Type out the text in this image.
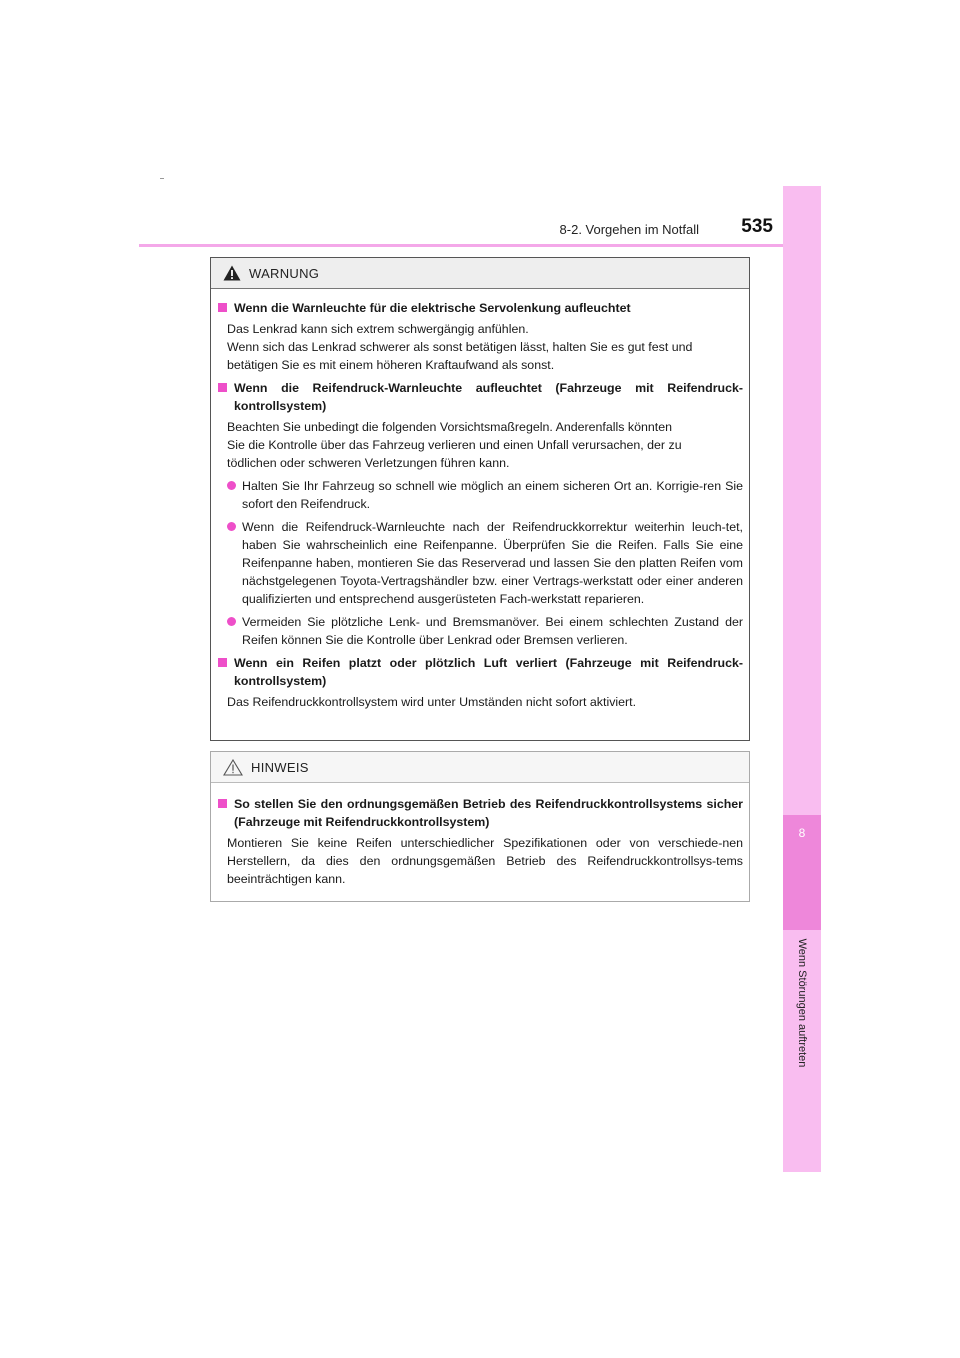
8-2. Vorgehen im Notfall	535
8
Wenn Störungen auftreten
WARNUNG
Wenn die Warnleuchte für die elektrische Servolenkung aufleuchtet
Das Lenkrad kann sich extrem schwergängig anfühlen.
Wenn sich das Lenkrad schwerer als sonst betätigen lässt, halten Sie es gut fest und
betätigen Sie es mit einem höheren Kraftaufwand als sonst.
Wenn die Reifendruck-Warnleuchte aufleuchtet (Fahrzeuge mit Reifendruck-kontrollsystem)
Beachten Sie unbedingt die folgenden Vorsichtsmaßregeln. Anderenfalls könnten
Sie die Kontrolle über das Fahrzeug verlieren und einen Unfall verursachen, der zu
tödlichen oder schweren Verletzungen führen kann.
Halten Sie Ihr Fahrzeug so schnell wie möglich an einem sicheren Ort an. Korrigie-ren Sie sofort den Reifendruck.
Wenn die Reifendruck-Warnleuchte nach der Reifendruckkorrektur weiterhin leuch-tet, haben Sie wahrscheinlich eine Reifenpanne. Überprüfen Sie die Reifen. Falls Sie eine Reifenpanne haben, montieren Sie das Reserverad und lassen Sie den platten Reifen vom nächstgelegenen Toyota-Vertragshändler bzw. einer Vertrags-werkstatt oder einer anderen qualifizierten und entsprechend ausgerüsteten Fach-werkstatt reparieren.
Vermeiden Sie plötzliche Lenk- und Bremsmanöver. Bei einem schlechten Zustand der Reifen können Sie die Kontrolle über Lenkrad oder Bremsen verlieren.
Wenn ein Reifen platzt oder plötzlich Luft verliert (Fahrzeuge mit Reifendruck-kontrollsystem)
Das Reifendruckkontrollsystem wird unter Umständen nicht sofort aktiviert.
HINWEIS
So stellen Sie den ordnungsgemäßen Betrieb des Reifendruckkontrollsystems sicher (Fahrzeuge mit Reifendruckkontrollsystem)
Montieren Sie keine Reifen unterschiedlicher Spezifikationen oder von verschiede-nen Herstellern, da dies den ordnungsgemäßen Betrieb des Reifendruckkontrollsys-tems beeinträchtigen kann.
